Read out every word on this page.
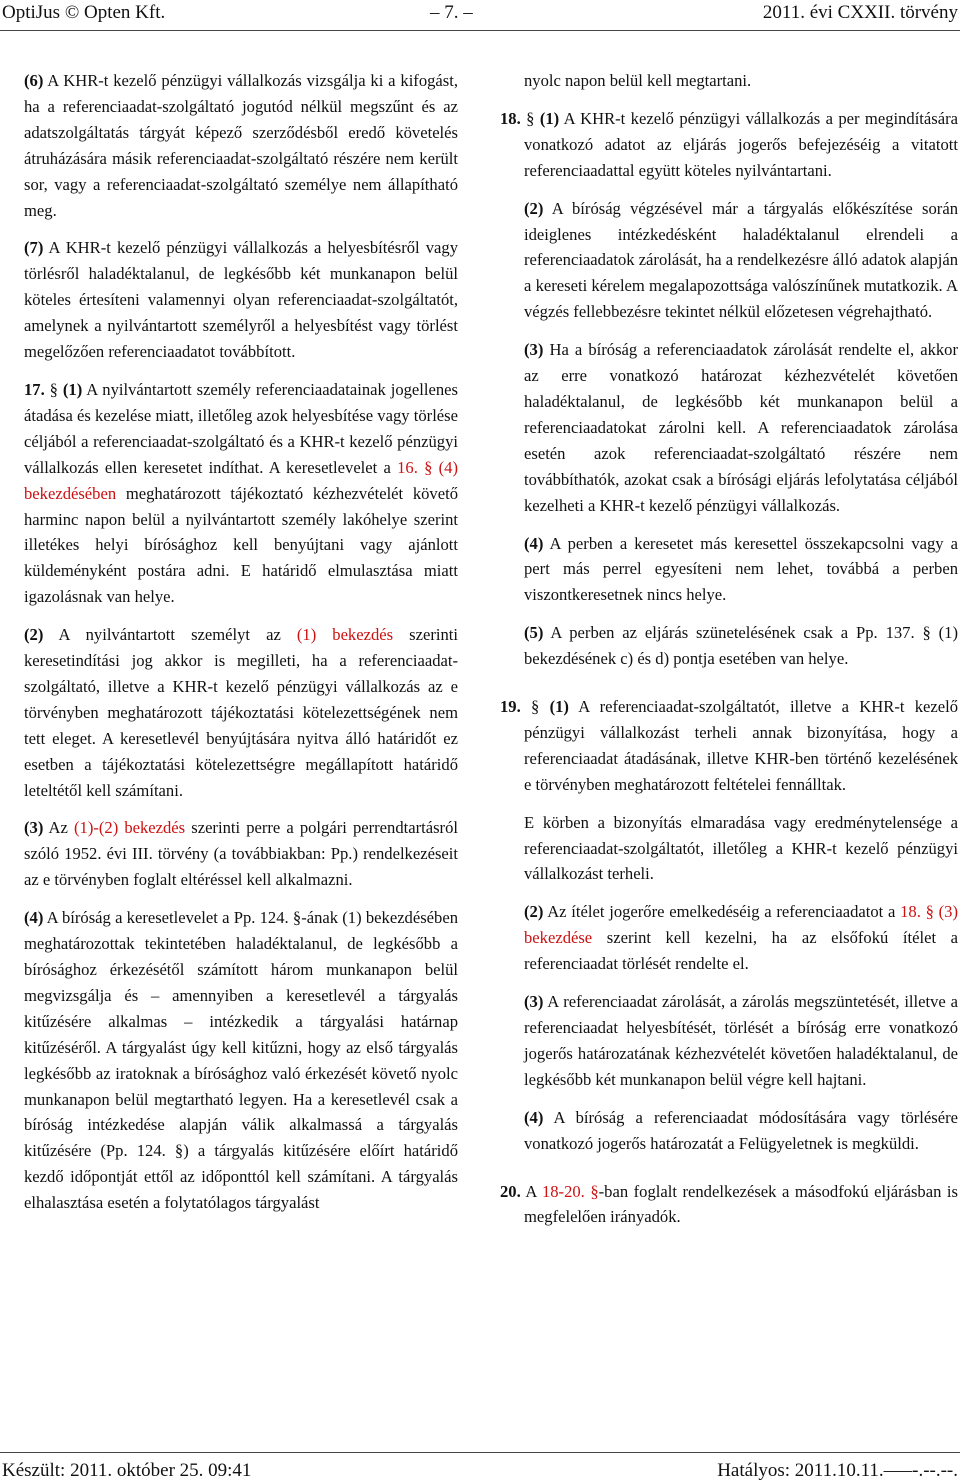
OptiJus © Opten Kft.	– 7. –	2011. évi CXXII. törvény

(6) A KHR-t kezelő pénzügyi vállalkozás vizsgálja ki a kifogást, ha a referenciaadat-szolgáltató jogutód nélkül megszűnt és az adatszolgáltatás tárgyát képező szerződésből eredő követelés átruházására másik referenciaadat-szolgáltató részére nem került sor, vagy a referenciaadat-szolgáltató személye nem állapítható meg.

(7) A KHR-t kezelő pénzügyi vállalkozás a helyesbítésről vagy törlésről haladéktalanul, de legkésőbb két munkanapon belül köteles értesíteni valamennyi olyan referenciaadat-szolgáltatót, amelynek a nyilvántartott személyről a helyesbítést vagy törlést megelőzően referenciaadatot továbbított.

17. § (1) A nyilvántartott személy referenciaadatainak jogellenes átadása és kezelése miatt, illetőleg azok helyesbítése vagy törlése céljából a referenciaadat-szolgáltató és a KHR-t kezelő pénzügyi vállalkozás ellen keresetet indíthat. A keresetlevelet a 16. § (4) bekezdésében meghatározott tájékoztató kézhezvételét követő harminc napon belül a nyilvántartott személy lakóhelye szerint illetékes helyi bírósághoz kell benyújtani vagy ajánlott küldeményként postára adni. E határidő elmulasztása miatt igazolásnak van helye.

(2) A nyilvántartott személyt az (1) bekezdés szerinti keresetindítási jog akkor is megilleti, ha a referenciaadat-szolgáltató, illetve a KHR-t kezelő pénzügyi vállalkozás az e törvényben meghatározott tájékoztatási kötelezettségének nem tett eleget. A keresetlevél benyújtására nyitva álló határidőt ez esetben a tájékoztatási kötelezettségre megállapított határidő leteltétől kell számítani.

(3) Az (1)-(2) bekezdés szerinti perre a polgári perrendtartásról szóló 1952. évi III. törvény (a továbbiakban: Pp.) rendelkezéseit az e törvényben foglalt eltéréssel kell alkalmazni.

(4) A bíróság a keresetlevelet a Pp. 124. §-ának (1) bekezdésében meghatározottak tekintetében haladéktalanul, de legkésőbb a bírósághoz érkezésétől számított három munkanapon belül megvizsgálja és – amennyiben a keresetlevél a tárgyalás kitűzésére alkalmas – intézkedik a tárgyalási határnap kitűzéséről. A tárgyalást úgy kell kitűzni, hogy az első tárgyalás legkésőbb az iratoknak a bírósághoz való érkezését követő nyolc munkanapon belül megtartható legyen. Ha a keresetlevél csak a bíróság intézkedése alapján válik alkalmassá a tárgyalás kitűzésére (Pp. 124. §) a tárgyalás kitűzésére előírt határidő kezdő időpontját ettől az időponttól kell számítani. A tárgyalás elhalasztása esetén a folytatólagos tárgyalást

nyolc napon belül kell megtartani.

18. § (1) A KHR-t kezelő pénzügyi vállalkozás a per megindítására vonatkozó adatot az eljárás jogerős befejezéséig a vitatott referenciaadattal együtt köteles nyilvántartani.

(2) A bíróság végzésével már a tárgyalás előkészítése során ideiglenes intézkedésként haladéktalanul elrendeli a referenciaadatok zárolását, ha a rendelkezésre álló adatok alapján a kereseti kérelem megalapozottsága valószínűnek mutatkozik. A végzés fellebbezésre tekintet nélkül előzetesen végrehajtható.

(3) Ha a bíróság a referenciaadatok zárolását rendelte el, akkor az erre vonatkozó határozat kézhezvételét követően haladéktalanul, de legkésőbb két munkanapon belül a referenciaadatokat zárolni kell. A referenciaadatok zárolása esetén azok referenciaadat-szolgáltató részére nem továbbíthatók, azokat csak a bírósági eljárás lefolytatása céljából kezelheti a KHR-t kezelő pénzügyi vállalkozás.

(4) A perben a keresetet más keresettel összekapcsolni vagy a pert más perrel egyesíteni nem lehet, továbbá a perben viszontkeresetnek nincs helye.

(5) A perben az eljárás szünetelésének csak a Pp. 137. § (1) bekezdésének c) és d) pontja esetében van helye.

19. § (1) A referenciaadat-szolgáltatót, illetve a KHR-t kezelő pénzügyi vállalkozást terheli annak bizonyítása, hogy a referenciaadat átadásának, illetve KHR-ben történő kezelésének e törvényben meghatározott feltételei fennálltak.

E körben a bizonyítás elmaradása vagy eredménytelensége a referenciaadat-szolgáltatót, illetőleg a KHR-t kezelő pénzügyi vállalkozást terheli.

(2) Az ítélet jogerőre emelkedéséig a referenciaadatot a 18. § (3) bekezdése szerint kell kezelni, ha az elsőfokú ítélet a referenciaadat törlését rendelte el.

(3) A referenciaadat zárolását, a zárolás megszüntetését, illetve a referenciaadat helyesbítését, törlését a bíróság erre vonatkozó jogerős határozatának kézhezvételét követően haladéktalanul, de legkésőbb két munkanapon belül végre kell hajtani.

(4) A bíróság a referenciaadat módosítására vagy törlésére vonatkozó jogerős határozatát a Felügyeletnek is megküldi.

20. A 18-20. §-ban foglalt rendelkezések a másodfokú eljárásban is megfelelően irányadók.

Készült: 2011. október 25. 09:41	Hatályos: 2011.10.11.–––-.--.--.
